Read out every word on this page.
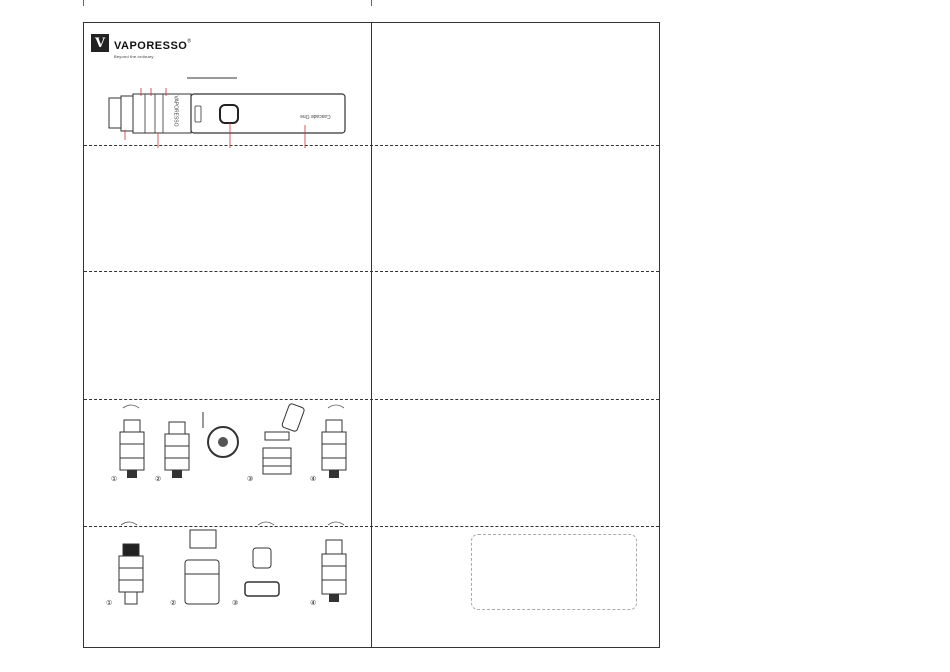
V VAPORESSO®
Beyond the ordinary
Cascade One
VAPORESSO
①	②	③	④
①	②	③	④
